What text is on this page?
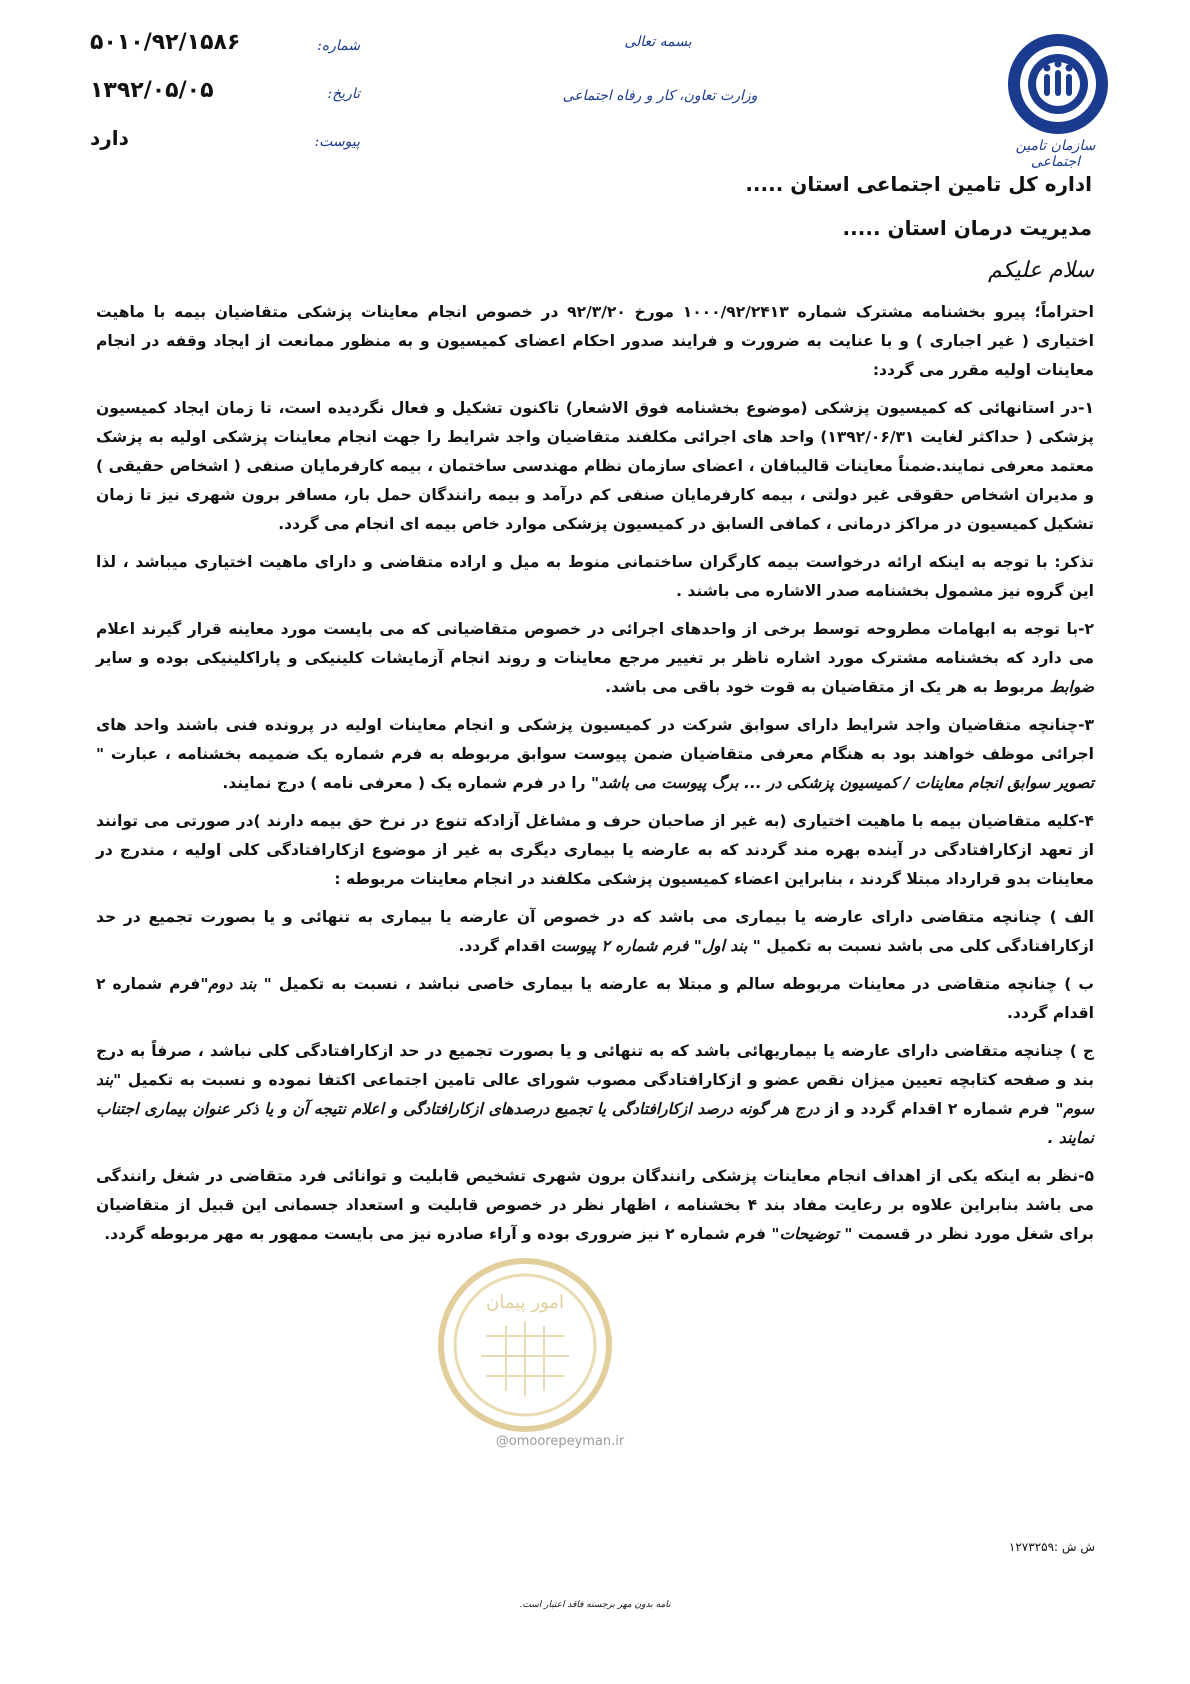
سازمان تامین اجتماعی
بسمه تعالی
وزارت تعاون، کار و رفاه اجتماعی
شماره:
۵۰۱۰/۹۲/۱۵۸۶
تاریخ:
۱۳۹۲/۰۵/۰۵
پیوست:
دارد
اداره کل تامین اجتماعی استان .....
مدیریت درمان استان .....
سلام علیکم

احتراماً؛ پیرو بخشنامه مشترک شماره ۱۰۰۰/۹۲/۲۴۱۳ مورخ ۹۲/۳/۲۰ در خصوص انجام معاینات پزشکی متقاضیان بیمه با ماهیت اختیاری ( غیر اجباری ) و با عنایت به ضرورت و فرایند صدور احکام اعضای کمیسیون و به منظور ممانعت از ایجاد وقفه در انجام معاینات اولیه مقرر می گردد:

۱-در استانهائی که کمیسیون پزشکی (موضوع بخشنامه فوق الاشعار) تاکنون تشکیل و فعال نگردیده است، تا زمان ایجاد کمیسیون پزشکی ( حداکثر لغایت ۱۳۹۲/۰۶/۳۱) واحد های اجرائی مکلفند متقاضیان واجد شرایط را جهت انجام معاینات پزشکی اولیه به پزشک معتمد معرفی نمایند.ضمناً معاینات قالیبافان ، اعضای سازمان نظام مهندسی ساختمان ، بیمه کارفرمایان صنفی ( اشخاص حقیقی ) و مدیران اشخاص حقوقی غیر دولتی ، بیمه کارفرمایان صنفی کم درآمد و بیمه رانندگان حمل بار، مسافر برون شهری نیز تا زمان تشکیل کمیسیون در مراکز درمانی ، کمافی السابق در کمیسیون پزشکی موارد خاص بیمه ای انجام می گردد.

تذکر: با توجه به اینکه ارائه درخواست بیمه کارگران ساختمانی منوط به میل و اراده متقاضی و دارای ماهیت اختیاری میباشد ، لذا این گروه نیز مشمول بخشنامه صدر الاشاره می باشند .

۲-با توجه به ابهامات مطروحه توسط برخی از واحدهای اجرائی در خصوص متقاضیانی که می بایست مورد معاینه قرار گیرند اعلام می دارد که بخشنامه مشترک مورد اشاره ناظر بر تغییر مرجع معاینات و روند انجام آزمایشات کلینیکی و پاراکلینیکی بوده و سایر ضوابط مربوط به هر یک از متقاضیان به قوت خود باقی می باشد.

۳-چنانچه متقاضیان واجد شرایط دارای سوابق شرکت در کمیسیون پزشکی و انجام معاینات اولیه در پرونده فنی باشند واحد های اجرائی موظف خواهند بود به هنگام معرفی متقاضیان ضمن پیوست سوابق مربوطه به فرم شماره یک ضمیمه بخشنامه ، عبارت " تصویر سوابق انجام معاینات / کمیسیون پزشکی در ... برگ پیوست می باشد" را در فرم شماره یک ( معرفی نامه ) درج نمایند.

۴-کلیه متقاضیان بیمه با ماهیت اختیاری (به غیر از صاحبان حرف و مشاغل آزادکه تنوع در نرخ حق بیمه دارند )در صورتی می توانند از تعهد ازکارافتادگی در آینده بهره مند گردند که به عارضه یا بیماری دیگری به غیر از موضوع ازکارافتادگی کلی اولیه ، مندرج در معاینات بدو قرارداد مبتلا گردند ، بنابراین اعضاء کمیسیون پزشکی مکلفند در انجام معاینات مربوطه :

الف ) چنانچه متقاضی دارای عارضه یا بیماری می باشد که در خصوص آن عارضه یا بیماری به تنهائی و یا بصورت تجمیع در حد ازکارافتادگی کلی می باشد نسبت به تکمیل " بند اول" فرم شماره ۲ پیوست اقدام گردد.

ب ) چنانچه متقاضی در معاینات مربوطه سالم و مبتلا به عارضه یا بیماری خاصی نباشد ، نسبت به تکمیل " بند دوم"فرم شماره ۲ اقدام گردد.

ج ) چنانچه متقاضی دارای عارضه یا بیماریهائی باشد که به تنهائی و یا بصورت تجمیع در حد ازکارافتادگی کلی نباشد ، صرفاً به درج بند و صفحه کتابچه تعیین میزان نقص عضو و ازکارافتادگی مصوب شورای عالی تامین اجتماعی اکتفا نموده و نسبت به تکمیل "بند سوم" فرم شماره ۲ اقدام گردد و از درج هر گونه درصد ازکارافتادگی یا تجمیع درصدهای ازکارافتادگی و اعلام نتیجه آن و یا ذکر عنوان بیماری اجتناب نمایند .

۵-نظر به اینکه یکی از اهداف انجام معاینات پزشکی رانندگان برون شهری تشخیص قابلیت و توانائی فرد متقاضی در شغل رانندگی می باشد بنابراین علاوه بر رعایت مفاد بند ۴ بخشنامه ، اظهار نظر در خصوص قابلیت و استعداد جسمانی این قبیل از متقاضیان برای شغل مورد نظر در قسمت " توضیحات" فرم شماره ۲ نیز ضروری بوده و آراء صادره نیز می بایست ممهور به مهر مربوطه گردد.

امور پیمان
@omoorepeyman.ir
ش ش :۱۲۷۳۲۵۹
نامه بدون مهر برجسته فاقد اعتبار است.
